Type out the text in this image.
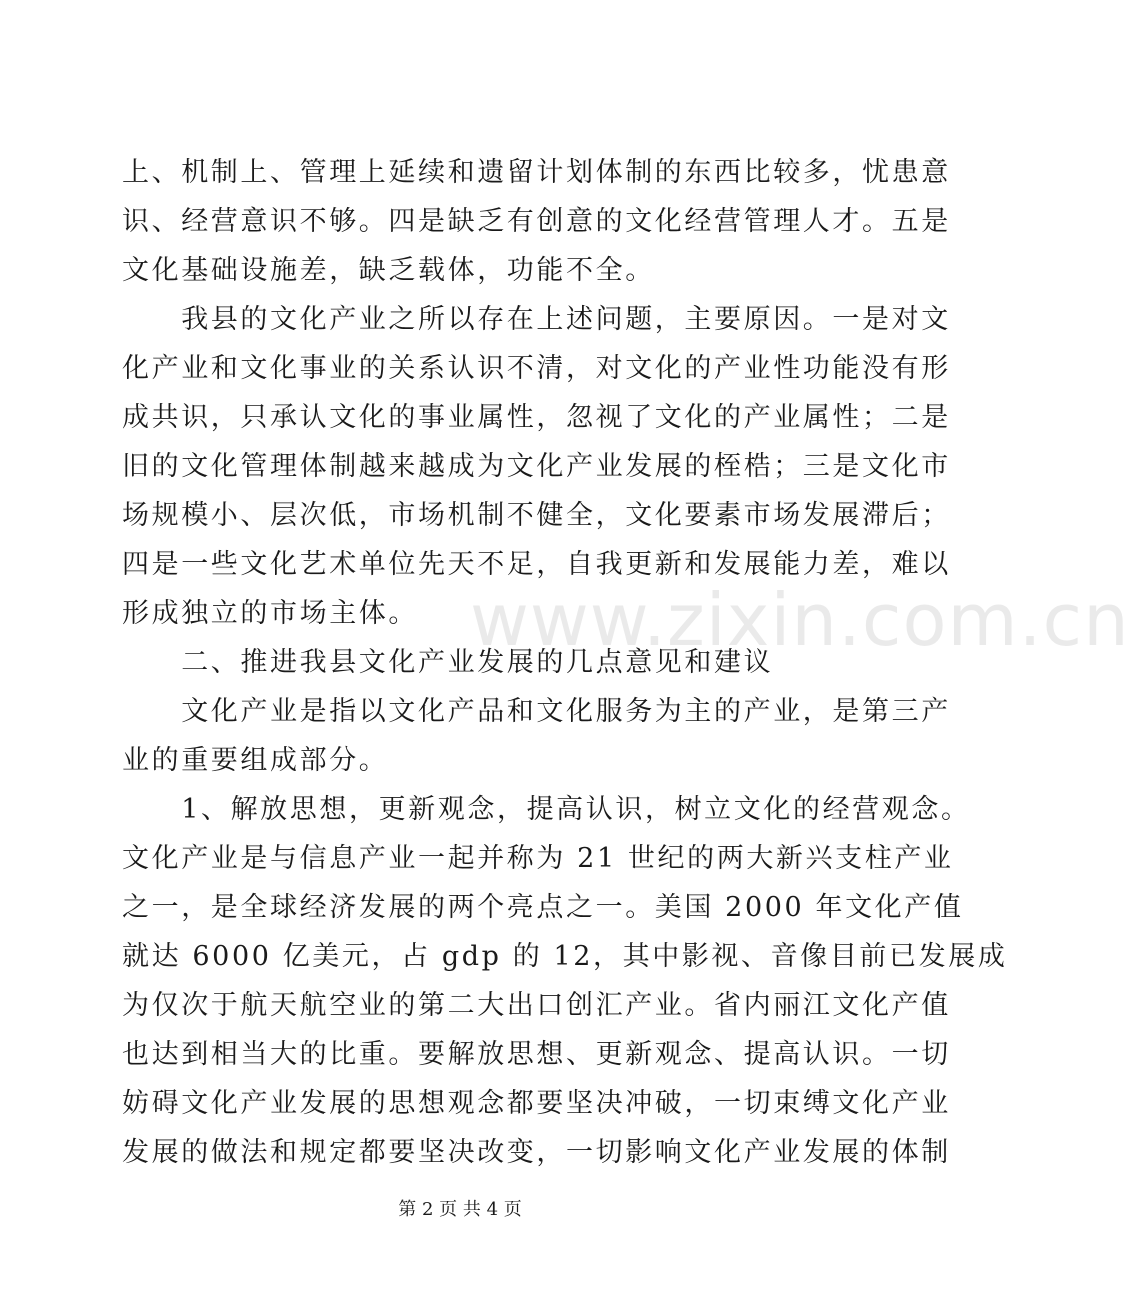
上、机制上、管理上延续和遗留计划体制的东西比较多，忧患意
识、经营意识不够。四是缺乏有创意的文化经营管理人才。五是
文化基础设施差，缺乏载体，功能不全。
　　我县的文化产业之所以存在上述问题，主要原因。一是对文
化产业和文化事业的关系认识不清，对文化的产业性功能没有形
成共识，只承认文化的事业属性，忽视了文化的产业属性；二是
旧的文化管理体制越来越成为文化产业发展的桎梏；三是文化市
场规模小、层次低，市场机制不健全，文化要素市场发展滞后；
四是一些文化艺术单位先天不足，自我更新和发展能力差，难以
形成独立的市场主体。
　　二、推进我县文化产业发展的几点意见和建议
　　文化产业是指以文化产品和文化服务为主的产业，是第三产
业的重要组成部分。
　　1、解放思想，更新观念，提高认识，树立文化的经营观念。
文化产业是与信息产业一起并称为 21 世纪的两大新兴支柱产业
之一，是全球经济发展的两个亮点之一。美国 2000 年文化产值
就达 6000 亿美元，占 gdp 的 12，其中影视、音像目前已发展成
为仅次于航天航空业的第二大出口创汇产业。省内丽江文化产值
也达到相当大的比重。要解放思想、更新观念、提高认识。一切
妨碍文化产业发展的思想观念都要坚决冲破，一切束缚文化产业
发展的做法和规定都要坚决改变，一切影响文化产业发展的体制
www.zixin.com.cn
第 2 页 共 4 页
